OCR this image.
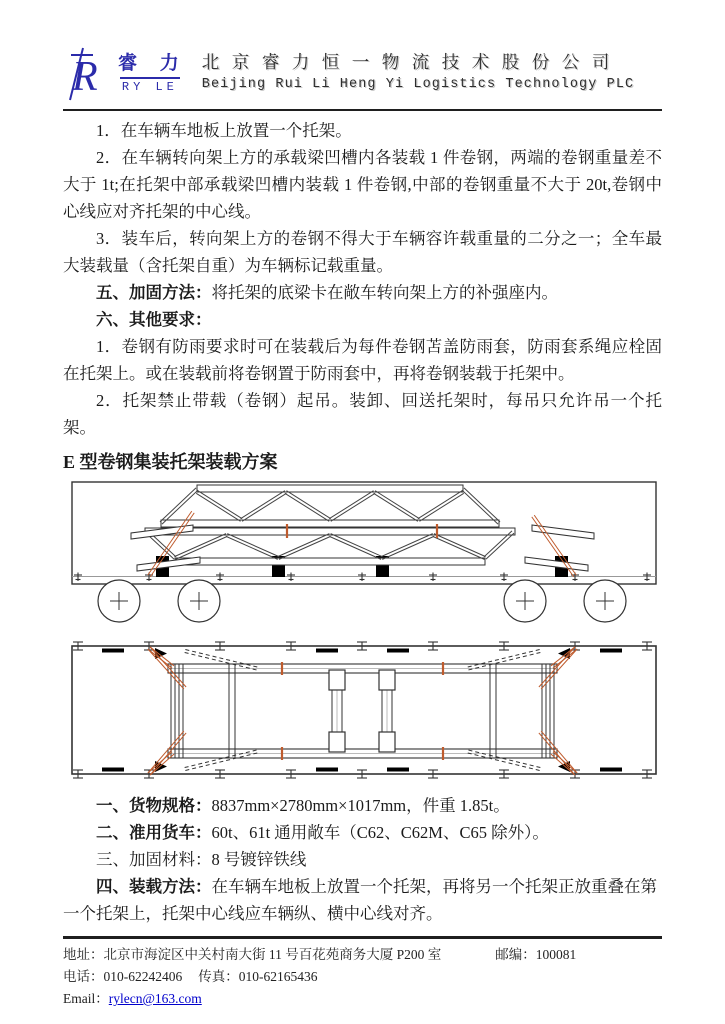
R	睿 力
RY LE
北京睿力恒一物流技术股份公司
Beijing Rui Li Heng Yi Logistics Technology PLC

1．在车辆车地板上放置一个托架。

2．在车辆转向架上方的承载梁凹槽内各装载 1 件卷钢，两端的卷钢重量差不大于 1t;在托架中部承载梁凹槽内装载 1 件卷钢,中部的卷钢重量不大于 20t,卷钢中心线应对齐托架的中心线。

3．装车后，转向架上方的卷钢不得大于车辆容许载重量的二分之一；全车最大装载量（含托架自重）为车辆标记载重量。

五、加固方法：将托架的底梁卡在敞车转向架上方的补强座内。

六、其他要求：

1．卷钢有防雨要求时可在装载后为每件卷钢苫盖防雨套，防雨套系绳应栓固在托架上。或在装载前将卷钢置于防雨套中，再将卷钢装载于托架中。

2．托架禁止带载（卷钢）起吊。装卸、回送托架时，每吊只允许吊一个托架。

E 型卷钢集装托架装载方案

一、货物规格：8837mm×2780mm×1017mm，件重 1.85t。

二、准用货车：60t、61t 通用敞车（C62、C62M、C65 除外）。

三、加固材料：8 号镀锌铁线

四、装载方法：在车辆车地板上放置一个托架，再将另一个托架正放重叠在第一个托架上，托架中心线应车辆纵、横中心线对齐。

地址：北京市海淀区中关村南大街 11 号百花苑商务大厦 P200 室	邮编：100081
电话：010-62242406 传真：010-62165436
Email：rylecn@163.com
